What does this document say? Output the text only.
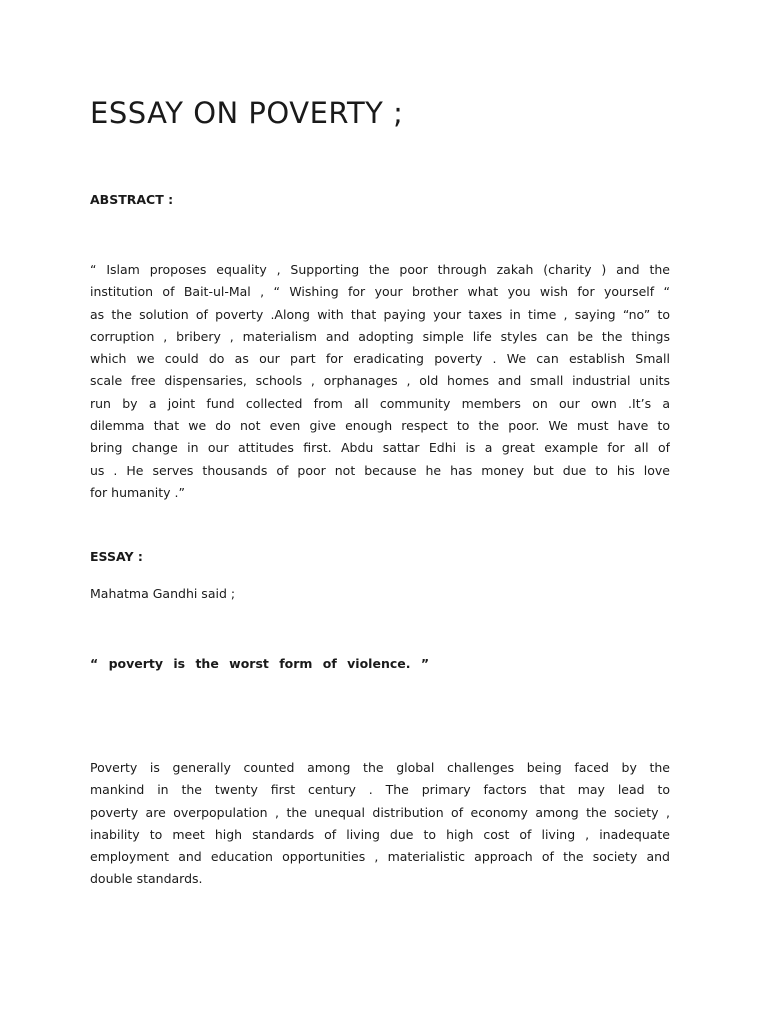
ESSAY ON POVERTY ;
ABSTRACT :

“ Islam proposes equality , Supporting the poor through zakah (charity ) and the
institution of Bait-ul-Mal , “ Wishing for your brother what you wish for yourself “
as the solution of poverty .Along with that paying your taxes in time , saying “no” to
corruption , bribery , materialism and adopting simple life styles can be the things
which we could do as our part for eradicating poverty . We can establish Small
scale free dispensaries, schools , orphanages , old homes and small industrial units
run by a joint fund collected from all community members on our own .It’s a
dilemma that we do not even give enough respect to the poor. We must have to
bring change in our attitudes first. Abdu sattar Edhi is a great example for all of
us . He serves thousands of poor not because he has money but due to his love
for humanity .”

ESSAY :

Mahatma Gandhi said ;

“ poverty is the worst form of violence. ”

Poverty is generally counted among the global challenges being faced by the
mankind in the twenty first century . The primary factors that may lead to
poverty are overpopulation , the unequal distribution of economy among the society ,
inability to meet high standards of living due to high cost of living , inadequate
employment and education opportunities , materialistic approach of the society and
double standards.
